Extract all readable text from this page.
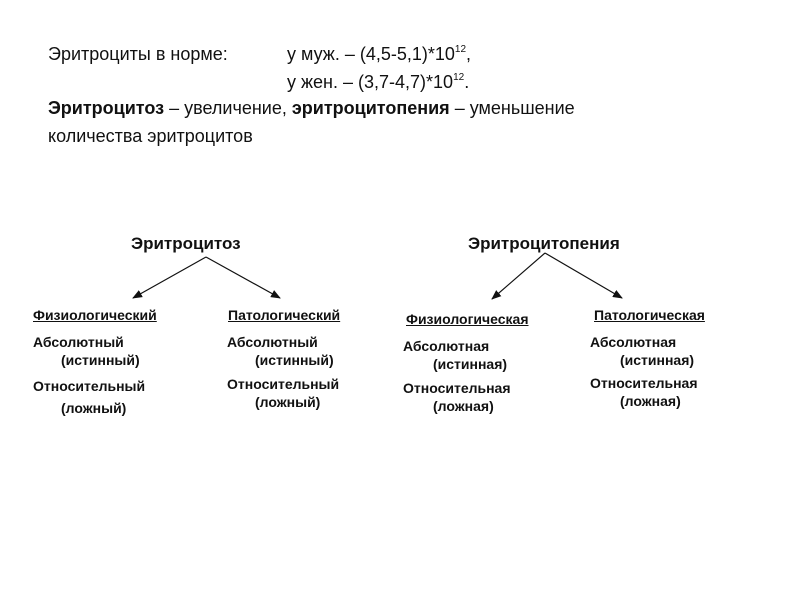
Эритроциты в норме:	у муж. – $(4,5-5,1)*10^{12}$,
у жен. – $(3,7-4,7)*10^{12}$.
Эритроцитоз – увеличение, эритроцитопения – уменьшение
количества эритроцитов
Эритроцитоз
Физиологический
Абсолютный
(истинный)
Относительный
(ложный)
Патологический
Абсолютный
(истинный)
Относительный
(ложный)
Эритроцитопения
Физиологическая
Абсолютная
(истинная)
Относительная
(ложная)
Патологическая
Абсолютная
(истинная)
Относительная
(ложная)
